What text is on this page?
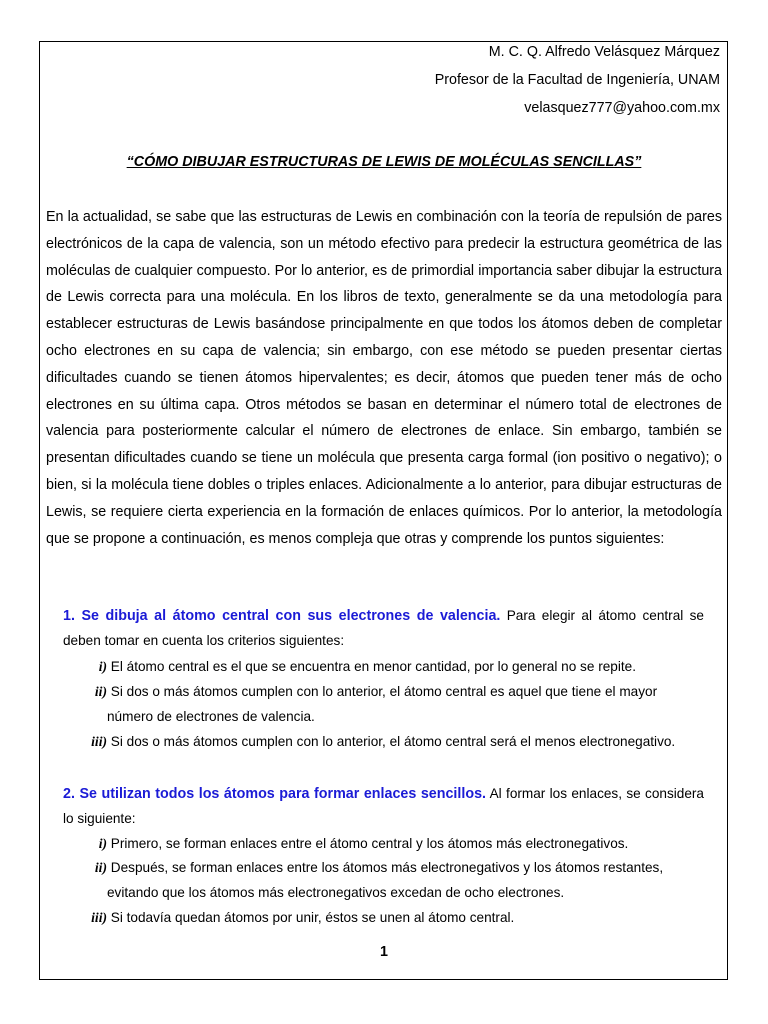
M. C. Q. Alfredo Velásquez Márquez
Profesor de la Facultad de Ingeniería, UNAM
velasquez777@yahoo.com.mx
“CÓMO DIBUJAR ESTRUCTURAS DE LEWIS DE MOLÉCULAS SENCILLAS”

En la actualidad, se sabe que las estructuras de Lewis en combinación con la teoría de repulsión de pares electrónicos de la capa de valencia, son un método efectivo para predecir la estructura geométrica de las moléculas de cualquier compuesto. Por lo anterior, es de primordial importancia saber dibujar la estructura de Lewis correcta para una molécula. En los libros de texto, generalmente se da una metodología para establecer estructuras de Lewis basándose principalmente en que todos los átomos deben de completar ocho electrones en su capa de valencia; sin embargo, con ese método se pueden presentar ciertas dificultades cuando se tienen átomos hipervalentes; es decir, átomos que pueden tener más de ocho electrones en su última capa. Otros métodos se basan en determinar el número total de electrones de valencia para posteriormente calcular el número de electrones de enlace. Sin embargo, también se presentan dificultades cuando se tiene un molécula que presenta carga formal (ion positivo o negativo); o bien, si la molécula tiene dobles o triples enlaces. Adicionalmente a lo anterior, para dibujar estructuras de Lewis, se requiere cierta experiencia en la formación de enlaces químicos. Por lo anterior, la metodología que se propone a continuación, es menos compleja que otras y comprende los puntos siguientes:

1. Se dibuja al átomo central con sus electrones de valencia. Para elegir al átomo central se deben tomar en cuenta los criterios siguientes:

i) El átomo central es el que se encuentra en menor cantidad, por lo general no se repite.
ii) Si dos o más átomos cumplen con lo anterior, el átomo central es aquel que tiene el mayor
número de electrones de valencia.
iii) Si dos o más átomos cumplen con lo anterior, el átomo central será el menos electronegativo.

2. Se utilizan todos los átomos para formar enlaces sencillos. Al formar los enlaces, se considera lo siguiente:

i) Primero, se forman enlaces entre el átomo central y los átomos más electronegativos.
ii) Después, se forman enlaces entre los átomos más electronegativos y los átomos restantes,
evitando que los átomos más electronegativos excedan de ocho electrones.
iii) Si todavía quedan átomos por unir, éstos se unen al átomo central.
1
